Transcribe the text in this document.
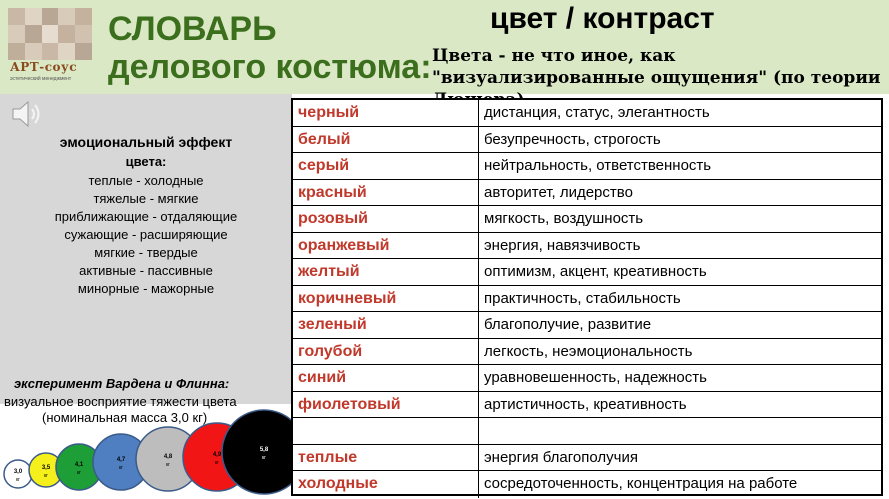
АРТ-соус
эстетический менеджмент
СЛОВАРЬ
делового костюма:
цвет / контраст
Цвета - не что иное, как "визуализированные ощущения" (по теории
эмоциональный эффект
цвета:
теплые - холодные
тяжелые - мягкие
приближающие - отдаляющие
сужающие - расширяющие
мягкие - твердые
активные - пассивные
минорные - мажорные
3,0
кг
3,5
кг
4,1
кг
4,7
кг
4,8
кг
4,9
кг
5,8
кг
эксперимент Вардена и Флинна:
визуальное восприятие тяжести цвета
(номинальная масса 3,0 кг)
черный	дистанция, статус, элегантность
белый	безупречность, строгость
серый	нейтральность, ответственность
красный	авторитет, лидерство
розовый	мягкость, воздушность
оранжевый	энергия, навязчивость
желтый	оптимизм, акцент, креативность
коричневый	практичность, стабильность
зеленый	благополучие, развитие
голубой	легкость, неэмоциональность
синий	уравновешенность, надежность
фиолетовый	артистичность, креативность
теплые	энергия благополучия
холодные	сосредоточенность, концентрация на работе
